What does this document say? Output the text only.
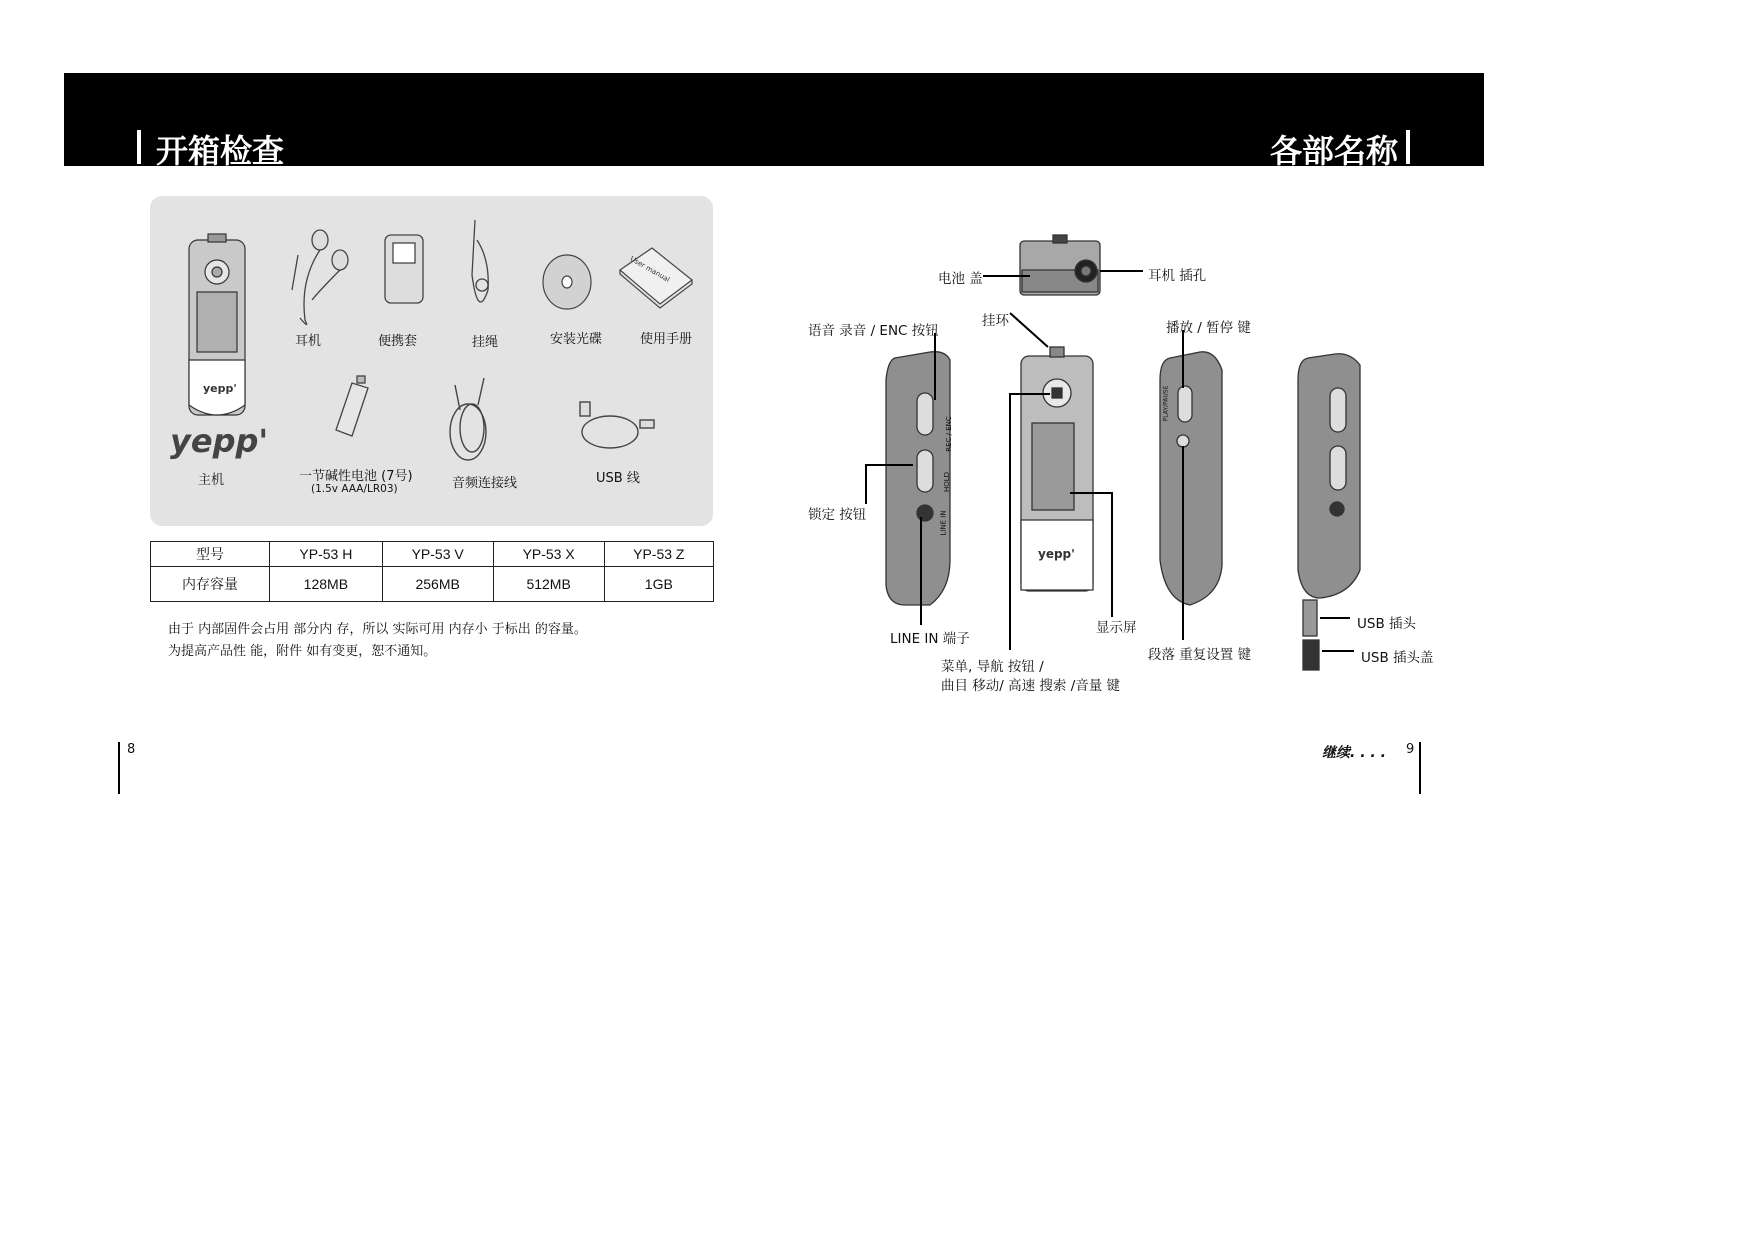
开箱检查	各部名称
yepp'
yepp'
User manual
yepp'
耳机	便携套	挂绳	安装光碟	使用手册
主机	一节碱性电池 (7号)
(1.5v AAA/LR03)	音频连接线	USB 线
型号	YP-53 H	YP-53 V	YP-53 X	YP-53 Z
内存容量	128MB	256MB	512MB	1GB
由于 内部固件会占用 部分内 存，所以 实际可用 内存小 于标出 的容量。
为提高产品性 能，附件 如有变更，恕不通知。
电池 盖	耳机 插孔
挂环
语音 录音 / ENC 按钮	播放 / 暂停 键
锁定 按钮
LINE IN 端子
显示屏
段落 重复设置 键
菜单, 导航 按钮 /
曲目 移动/ 高速 搜索 /音量 键
USB 插头
USB 插头盖
REC / ENC
HOLD
LINE IN
PLAY/PAUSE
8	继续. . . . 9
